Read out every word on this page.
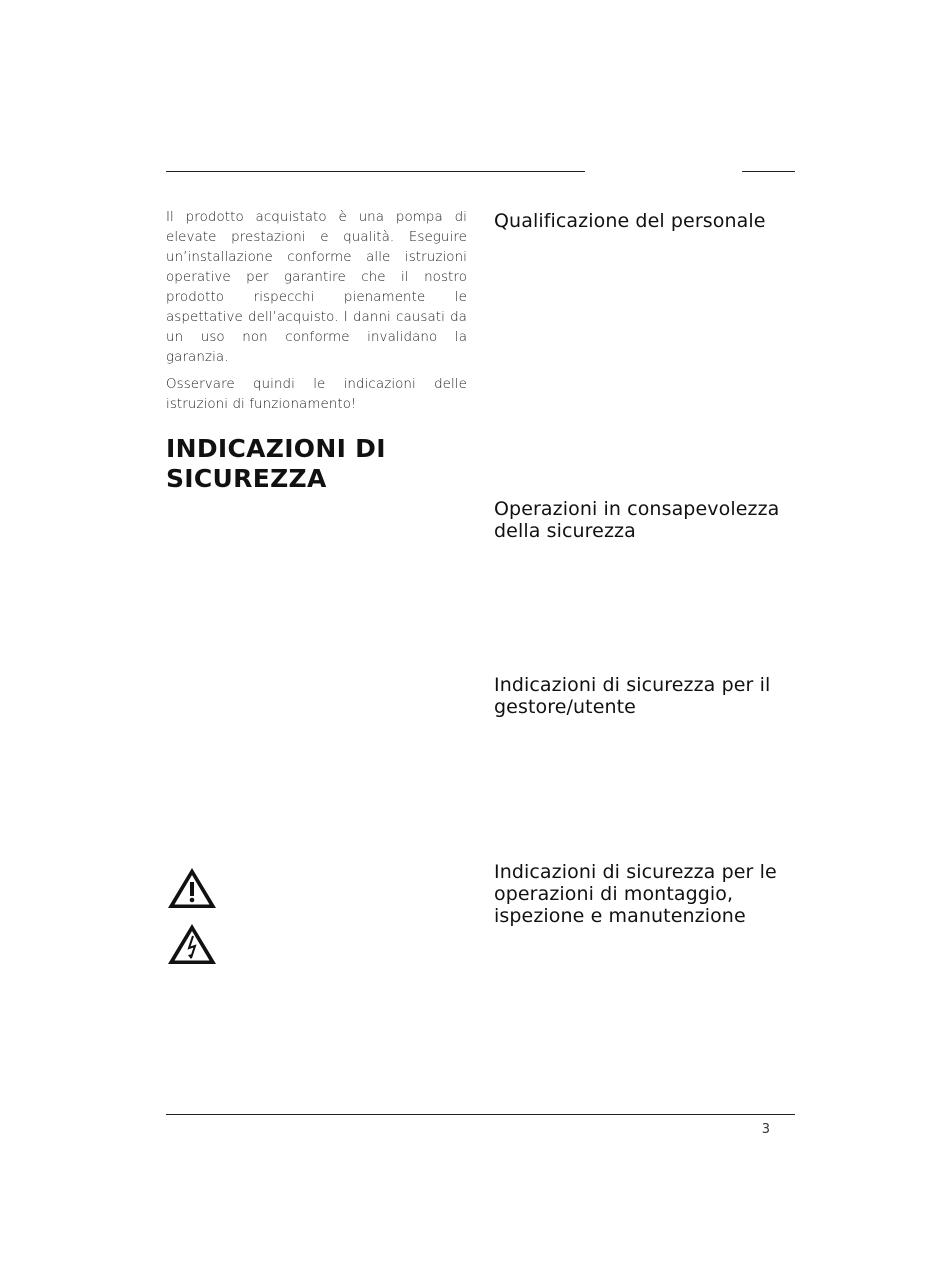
Il prodotto acquistato è una pompa di elevate prestazioni e qualità. Eseguire un’installazione conforme alle istruzioni operative per garantire che il nostro prodotto rispecchi pienamente le aspettative dell’acquisto. I danni causati da un uso non conforme invalidano la garanzia.

Osservare quindi le indicazioni delle istruzioni di funzionamento!

INDICAZIONI DI SICUREZZA
Qualificazione del personale
Operazioni in consapevolezza della sicurezza
Indicazioni di sicurezza per il gestore/utente
Indicazioni di sicurezza per le operazioni di montaggio, ispezione e manutenzione
3
